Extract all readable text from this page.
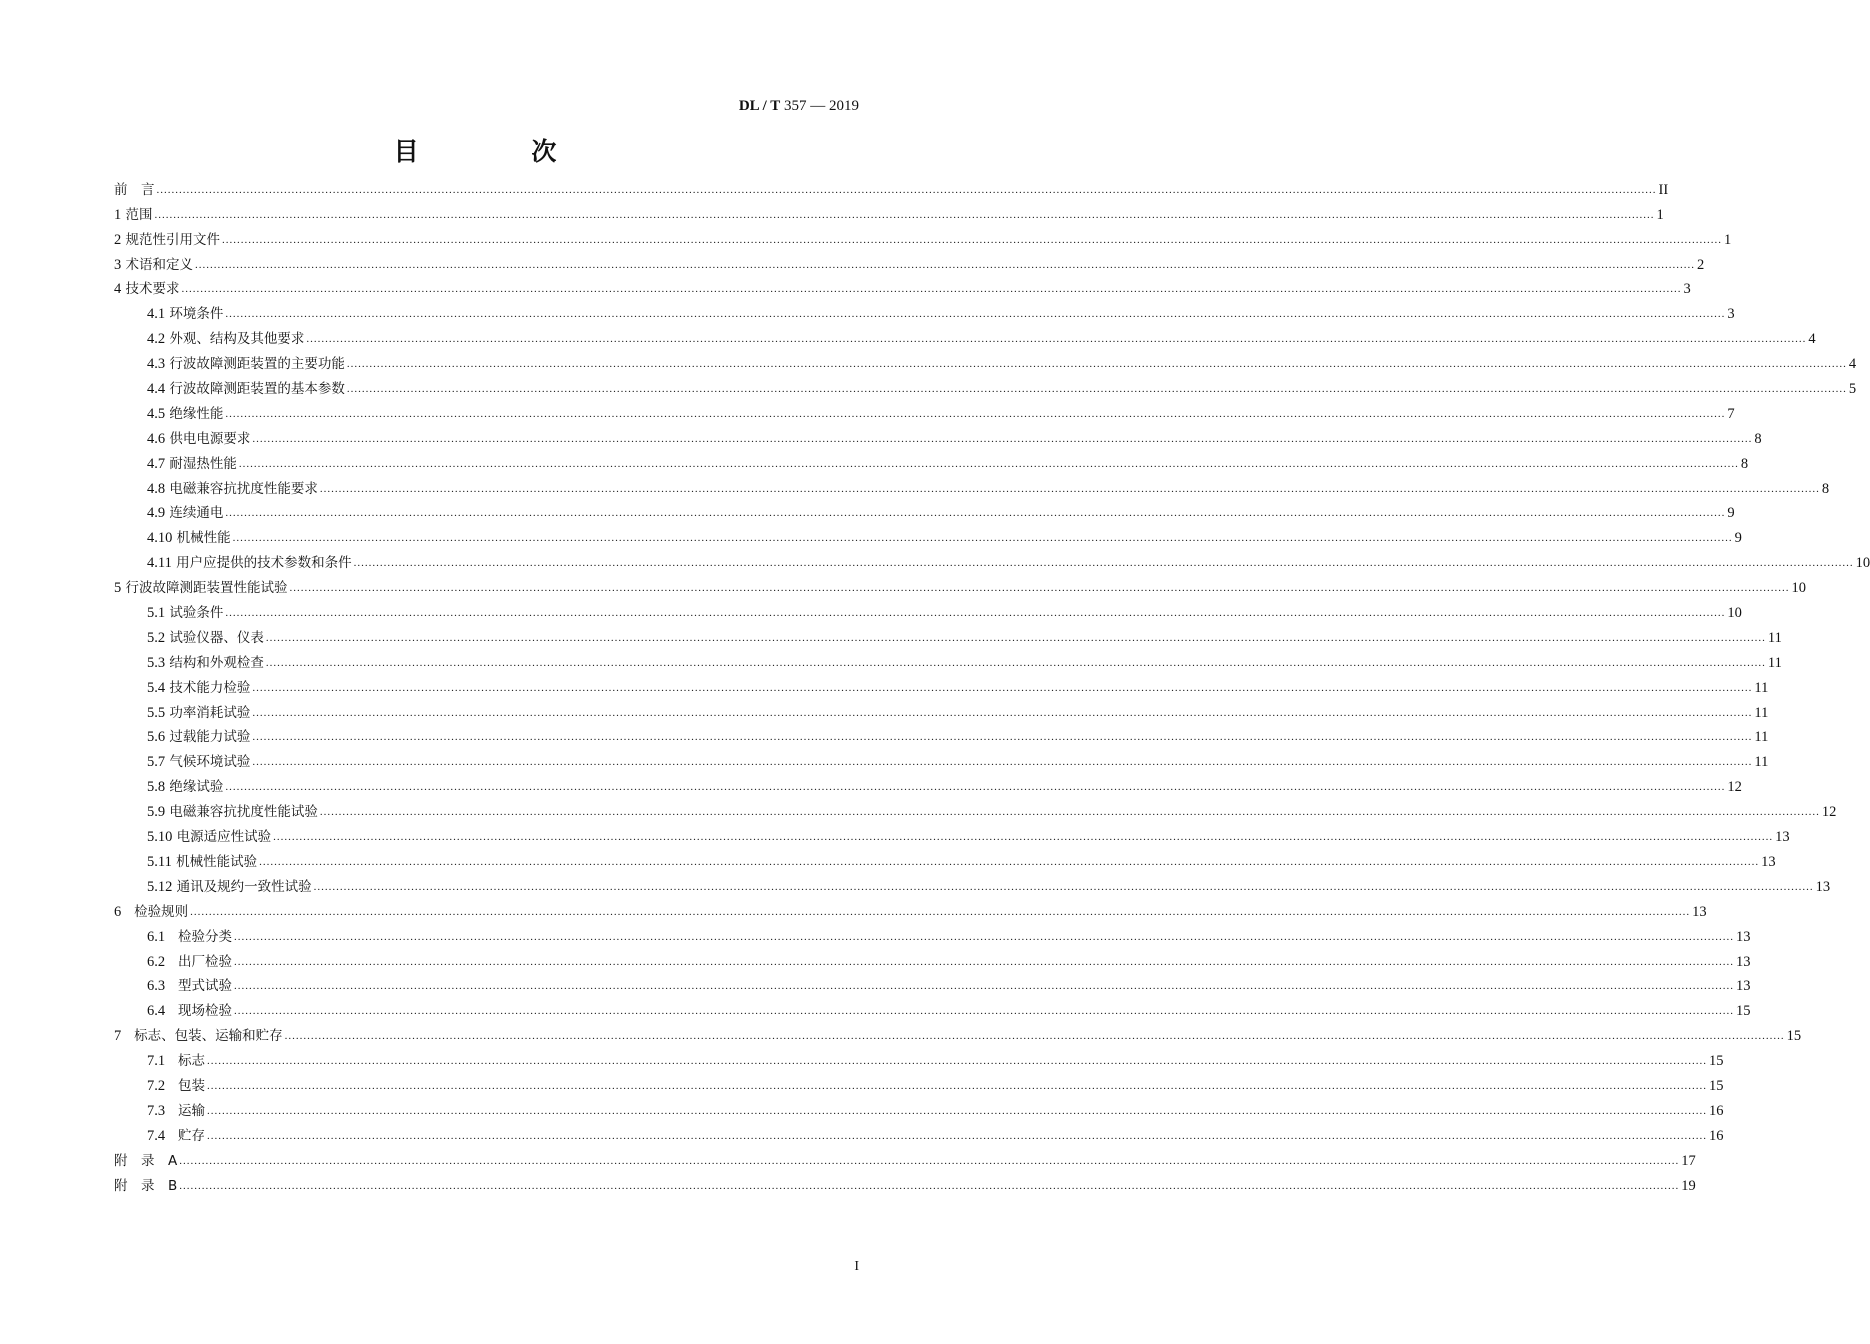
DL / T 357 — 2019
目 次
前　言 ................................................................................................................................................................................................................................................................................................................................................................................................................ II
1 范围 ................................................................................................................................................................................................................................................................................................................................................................................................................ 1
2 规范性引用文件 ................................................................................................................................................................................................................................................................................................................................................................................................................ 1
3 术语和定义 ................................................................................................................................................................................................................................................................................................................................................................................................................ 2
4 技术要求 ................................................................................................................................................................................................................................................................................................................................................................................................................ 3
4.1 环境条件 ................................................................................................................................................................................................................................................................................................................................................................................................................ 3
4.2 外观、结构及其他要求 ................................................................................................................................................................................................................................................................................................................................................................................................................ 4
4.3 行波故障测距装置的主要功能 ................................................................................................................................................................................................................................................................................................................................................................................................................ 4
4.4 行波故障测距装置的基本参数 ................................................................................................................................................................................................................................................................................................................................................................................................................ 5
4.5 绝缘性能 ................................................................................................................................................................................................................................................................................................................................................................................................................ 7
4.6 供电电源要求 ................................................................................................................................................................................................................................................................................................................................................................................................................ 8
4.7 耐湿热性能 ................................................................................................................................................................................................................................................................................................................................................................................................................ 8
4.8 电磁兼容抗扰度性能要求 ................................................................................................................................................................................................................................................................................................................................................................................................................ 8
4.9 连续通电 ................................................................................................................................................................................................................................................................................................................................................................................................................ 9
4.10 机械性能 ................................................................................................................................................................................................................................................................................................................................................................................................................ 9
4.11 用户应提供的技术参数和条件 ................................................................................................................................................................................................................................................................................................................................................................................................................ 10
5 行波故障测距装置性能试验 ................................................................................................................................................................................................................................................................................................................................................................................................................ 10
5.1 试验条件 ................................................................................................................................................................................................................................................................................................................................................................................................................ 10
5.2 试验仪器、仪表 ................................................................................................................................................................................................................................................................................................................................................................................................................ 11
5.3 结构和外观检查 ................................................................................................................................................................................................................................................................................................................................................................................................................ 11
5.4 技术能力检验 ................................................................................................................................................................................................................................................................................................................................................................................................................ 11
5.5 功率消耗试验 ................................................................................................................................................................................................................................................................................................................................................................................................................ 11
5.6 过载能力试验 ................................................................................................................................................................................................................................................................................................................................................................................................................ 11
5.7 气候环境试验 ................................................................................................................................................................................................................................................................................................................................................................................................................ 11
5.8 绝缘试验 ................................................................................................................................................................................................................................................................................................................................................................................................................ 12
5.9 电磁兼容抗扰度性能试验 ................................................................................................................................................................................................................................................................................................................................................................................................................ 12
5.10 电源适应性试验 ................................................................................................................................................................................................................................................................................................................................................................................................................ 13
5.11 机械性能试验 ................................................................................................................................................................................................................................................................................................................................................................................................................ 13
5.12 通讯及规约一致性试验 ................................................................................................................................................................................................................................................................................................................................................................................................................ 13
6   检验规则 ................................................................................................................................................................................................................................................................................................................................................................................................................ 13
6.1   检验分类 ................................................................................................................................................................................................................................................................................................................................................................................................................ 13
6.2   出厂检验 ................................................................................................................................................................................................................................................................................................................................................................................................................ 13
6.3   型式试验 ................................................................................................................................................................................................................................................................................................................................................................................................................ 13
6.4   现场检验 ................................................................................................................................................................................................................................................................................................................................................................................................................ 15
7   标志、包装、运输和贮存 ................................................................................................................................................................................................................................................................................................................................................................................................................ 15
7.1   标志 ................................................................................................................................................................................................................................................................................................................................................................................................................ 15
7.2   包装 ................................................................................................................................................................................................................................................................................................................................................................................................................ 15
7.3   运输 ................................................................................................................................................................................................................................................................................................................................................................................................................ 16
7.4   贮存 ................................................................................................................................................................................................................................................................................................................................................................................................................ 16
附　录　A ................................................................................................................................................................................................................................................................................................................................................................................................................ 17
附　录　B ................................................................................................................................................................................................................................................................................................................................................................................................................ 19
I
